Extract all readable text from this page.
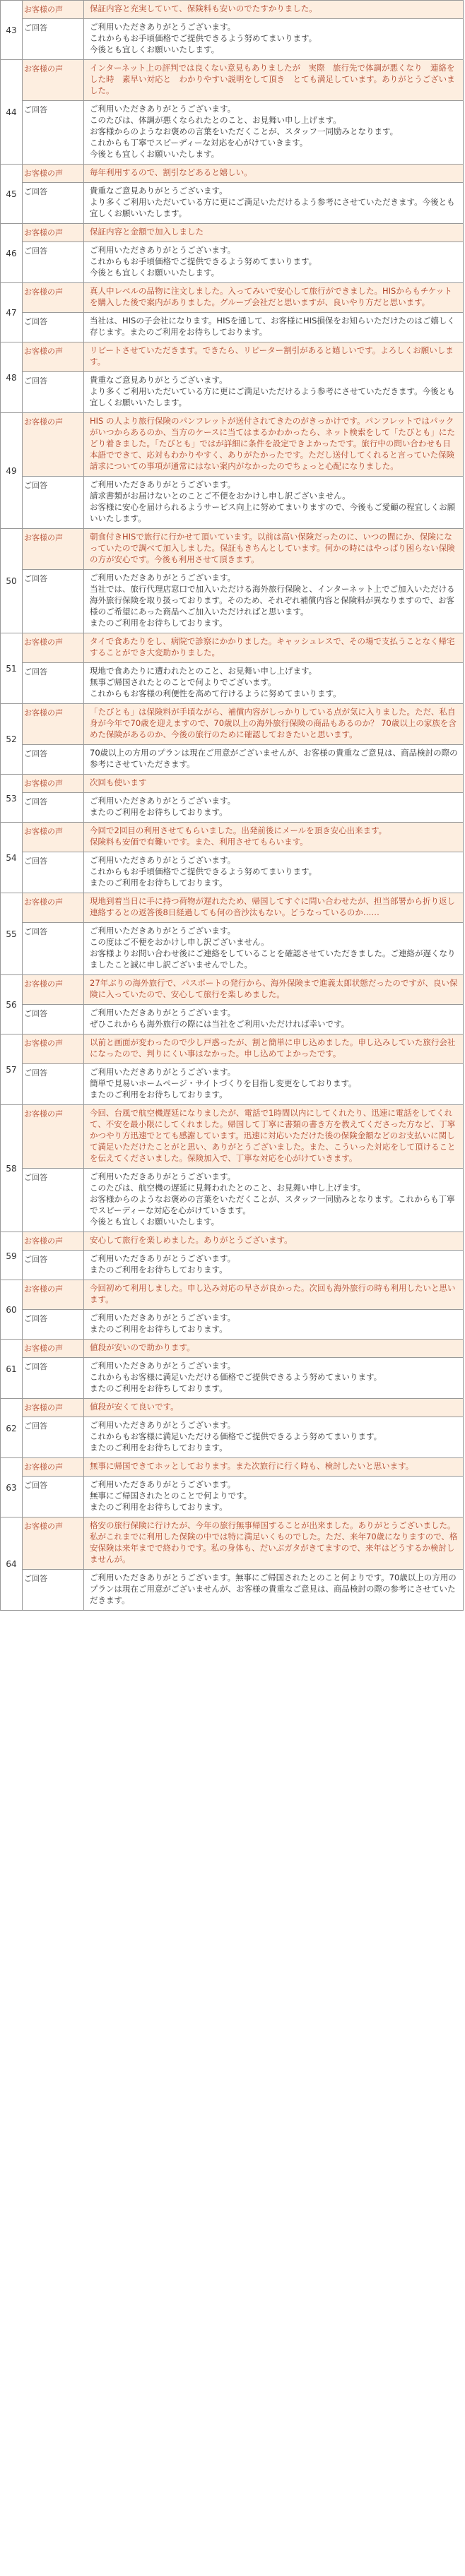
43	お客様の声	保証内容と充実していて、保険料も安いのでたすかりました。
	ご回答	ご利用いただきありがとうございます。
これからもお手頃価格でご提供できるよう努めてまいります。
今後とも宜しくお願いいたします。
44	お客様の声	インターネット上の評判では良くない意見もありましたが　実際　旅行先で体調が悪くなり　連絡をした時　素早い対応と　わかりやすい説明をして頂き　とても満足しています。ありがとうございました。
	ご回答	ご利用いただきありがとうございます。
このたびは、体調が悪くなられたとのこと、お見舞い申し上げます。
お客様からのようなお褒めの言葉をいただくことが、スタッフ一同励みとなります。
これからも丁寧でスピーディーな対応を心がけていきます。
今後とも宜しくお願いいたします。
45	お客様の声	毎年利用するので、割引などあると嬉しい。
	ご回答	貴重なご意見ありがとうございます。
より多くご利用いただいている方に更にご満足いただけるよう参考にさせていただきます。今後とも宜しくお願いいたします。
46	お客様の声	保証内容と金額で加入しました
	ご回答	ご利用いただきありがとうございます。
これからもお手頃価格でご提供できるよう努めてまいります。
今後とも宜しくお願いいたします。
47	お客様の声	真人中レベルの品物に注文しました。入ってみいで安心して旅行ができました。HISからもチケットを購入した後で案内がありました。グループ会社だと思いますが、良いやり方だと思います。
	ご回答	当社は、HISの子会社になります。HISを通して、お客様にHIS損保をお知らいただけたのはご嬉しく存じます。またのご利用をお待ちしております。
48	お客様の声	リピートさせていただきます。できたら、リピーター割引があると嬉しいです。よろしくお願いします。
	ご回答	貴重なご意見ありがとうございます。
より多くご利用いただいている方に更にご満足いただけるよう参考にさせていただきます。今後とも宜しくお願いいたします。
49	お客様の声	HIS の人より旅行保険のパンフレットが送付されてきたのがきっかけです。パンフレットではパックがいつからあるのか、当方のケースに当てはまるかわかったら、ネット検索をして「たびとも」にたどり着きました。「たびとも」ではが詳細に条件を設定できよかったです。旅行中の問い合わせも日本語でできて、応対もわかりやすく、ありがたかったです。ただし送付してくれると言っていた保険請求についての事項が通常にはない案内がなかったのでちょっと心配になりました。
	ご回答	ご利用いただきありがとうございます。
請求書類がお届けないとのことご不便をおかけし申し訳ございません。
お客様に安心を届けられるようサービス向上に努めてまいりますので、今後もご愛顧の程宜しくお願いいたします。
50	お客様の声	朝食付きHISで旅行に行かせて頂いています。以前は高い保険だったのに、いつの間にか、保険になっていたので調べて加入しました。保証もきちんとしています。何かの時にはやっぱり困らない保険の方が安心です。今後も利用させて頂きます。
	ご回答	ご利用いただきありがとうございます。
当社では、旅行代理店窓口で加入いただける海外旅行保険と、インターネット上でご加入いただける海外旅行保険を取り扱っております。そのため、それぞれ補償内容と保険料が異なりますので、お客様のご希望にあった商品へご加入いただければと思います。
またのご利用をお待ちしております。
51	お客様の声	タイで食あたりをし、病院で診察にかかりました。キャッシュレスで、その場で支払うことなく帰宅することができ大変助かりました。
	ご回答	現地で食あたりに遭われたとのこと、お見舞い申し上げます。
無事ご帰国されたとのことで何よりでございます。
これからもお客様の利便性を高めて行けるように努めてまいります。
52	お客様の声	「たびとも」は保険料が手頃ながら、補償内容がしっかりしている点が気に入りました。ただ、私自身が今年で70歳を迎えますので、70歳以上の海外旅行保険の商品もあるのか？ 70歳以上の家族を含めた保険があるのか、今後の旅行のために確認しておきたいと思います。
	ご回答	70歳以上の方用のプランは現在ご用意がございませんが、お客様の貴重なご意見は、商品検討の際の参考にさせていただきます。
53	お客様の声	次回も使います
	ご回答	ご利用いただきありがとうございます。
またのご利用をお待ちしております。
54	お客様の声	今回で2回目の利用させてもらいました。出発前後にメールを頂き安心出来ます。
保険料も安価で有難いです。また、利用させてもらいます。
	ご回答	ご利用いただきありがとうございます。
これからもお手頃価格でご提供できるよう努めてまいります。
またのご利用をお待ちしております。
55	お客様の声	現地到着当日に手に持つ荷物が遅れたため、帰国してすぐに問い合わせたが、担当部署から折り返し連絡するとの返答後8日経過しても何の音沙汰もない。どうなっているのか……
	ご回答	ご利用いただきありがとうございます。
この度はご不便をおかけし申し訳ございません。
お客様よりお問い合わせ後にご連絡をしていることを確認させていただきました。ご連絡が遅くなりましたこと誠に申し訳ございませんでした。
56	お客様の声	27年ぶりの海外旅行で、パスポートの発行から、海外保険まで進義太郎状態だったのですが、良い保険に入っていたので、安心して旅行を楽しめました。
	ご回答	ご利用いただきありがとうございます。
ぜひこれからも海外旅行の際には当社をご利用いただければ幸いです。
57	お客様の声	以前と画面が変わったので少し戸惑ったが、割と簡単に申し込めました。申し込みしていた旅行会社になったので、判りにくい事はなかった。申し込めてよかったです。
	ご回答	ご利用いただきありがとうございます。
簡単で見易いホームページ・サイトづくりを目指し変更をしております。
またのご利用をお待ちしております。
58	お客様の声	今回、台風で航空機遅延になりましたが、電話で1時間以内にしてくれたり、迅速に電話をしてくれて、不安を最小限にしてくれました。帰国して丁寧に書類の書き方を教えてくださった方など、丁寧かつやり方迅速でとても感謝しています。迅速に対応いただけた後の保険金額などのお支払いに関して満足いただけたことがと思い、ありがとうございました。また、こういった対応をして頂けることを伝えてくださいました。保険加入で、丁寧な対応を心がけていきます。
	ご回答	ご利用いただきありがとうございます。
このたびは、航空機の遅延に見舞われたとのこと、お見舞い申し上げます。
お客様からのようなお褒めの言葉をいただくことが、スタッフ一同励みとなります。これからも丁寧でスピーディーな対応を心がけていきます。
今後とも宜しくお願いいたします。
59	お客様の声	安心して旅行を楽しめました。ありがとうございます。
	ご回答	ご利用いただきありがとうございます。
またのご利用をお待ちしております。
60	お客様の声	今回初めて利用しました。申し込み対応の早さが良かった。次回も海外旅行の時も利用したいと思います。
	ご回答	ご利用いただきありがとうございます。
またのご利用をお待ちしております。
61	お客様の声	値段が安いので助かります。
	ご回答	ご利用いただきありがとうございます。
これからもお客様に満足いただける価格でご提供できるよう努めてまいります。
またのご利用をお待ちしております。
62	お客様の声	値段が安くて良いです。
	ご回答	ご利用いただきありがとうございます。
これからもお客様に満足いただける価格でご提供できるよう努めてまいります。
またのご利用をお待ちしております。
63	お客様の声	無事に帰国できてホッとしております。また次旅行に行く時も、検討したいと思います。
	ご回答	ご利用いただきありがとうございます。
無事にご帰国されたとのことで何よりです。
またのご利用をお待ちしております。
64	お客様の声	格安の旅行保険に行けたが、今年の旅行無事帰国することが出来ました。ありがとうございました。私がこれまでに利用した保険の中では特に満足いくものでした。ただ、来年70歳になりますので、格安保険は来年までで終わりです。私の身体も、だいぶガタがきてますので、来年はどうするか検討しませんが。
	ご回答	ご利用いただきありがとうございます。無事にご帰国されたとのこと何よりです。70歳以上の方用のプランは現在ご用意がございませんが、お客様の貴重なご意見は、商品検討の際の参考にさせていただきます。
